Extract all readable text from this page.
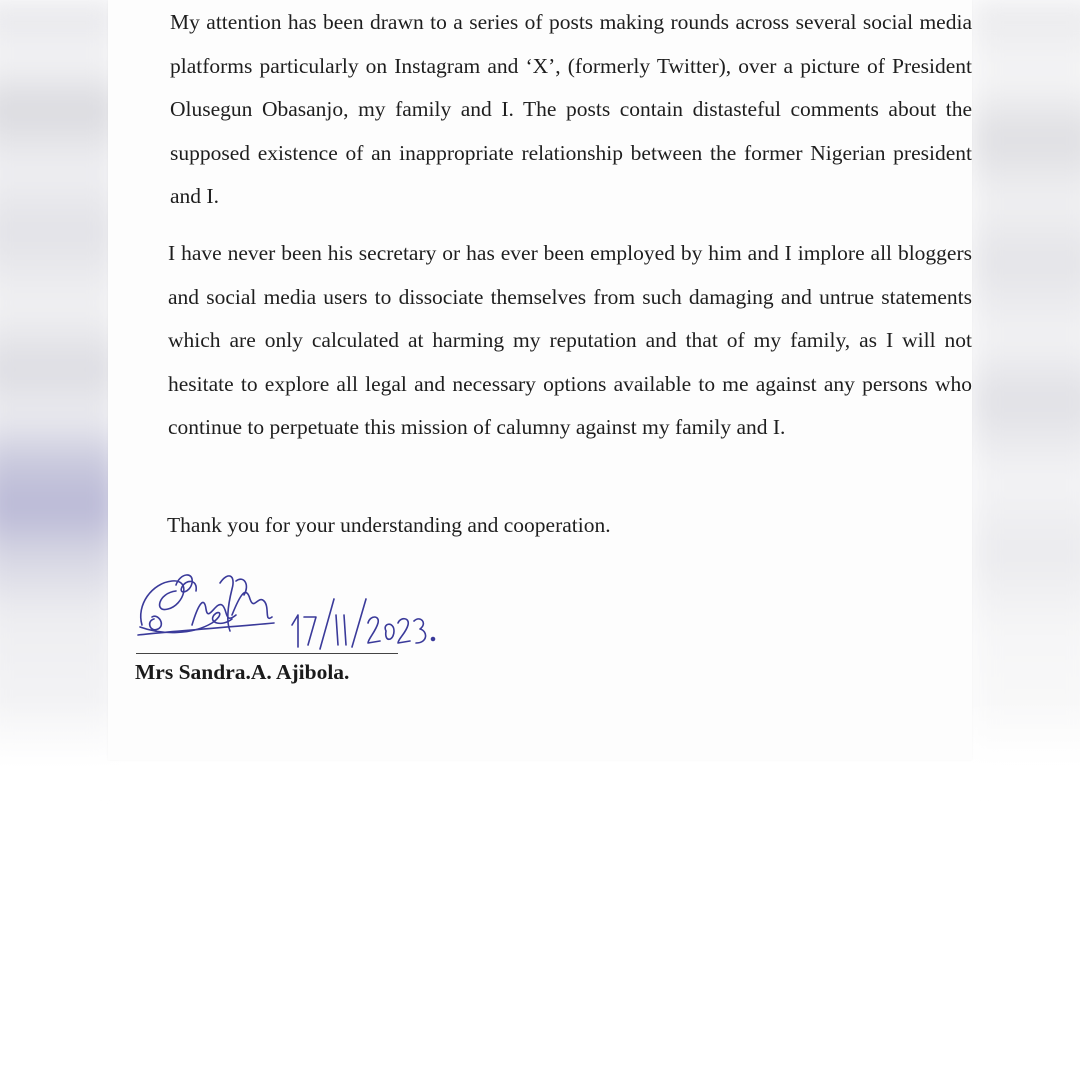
My attention has been drawn to a series of posts making rounds across several social media platforms particularly on Instagram and ‘X’, (formerly Twitter), over a picture of President Olusegun Obasanjo, my family and I. The posts contain distasteful comments about the supposed existence of an inappropriate relationship between the former Nigerian president and I.

I have never been his secretary or has ever been employed by him and I implore all bloggers and social media users to dissociate themselves from such damaging and untrue statements which are only calculated at harming my reputation and that of my family, as I will not hesitate to explore all legal and necessary options available to me against any persons who continue to perpetuate this mission of calumny against my family and I.

Thank you for your understanding and cooperation.

Mrs Sandra.A. Ajibola.
